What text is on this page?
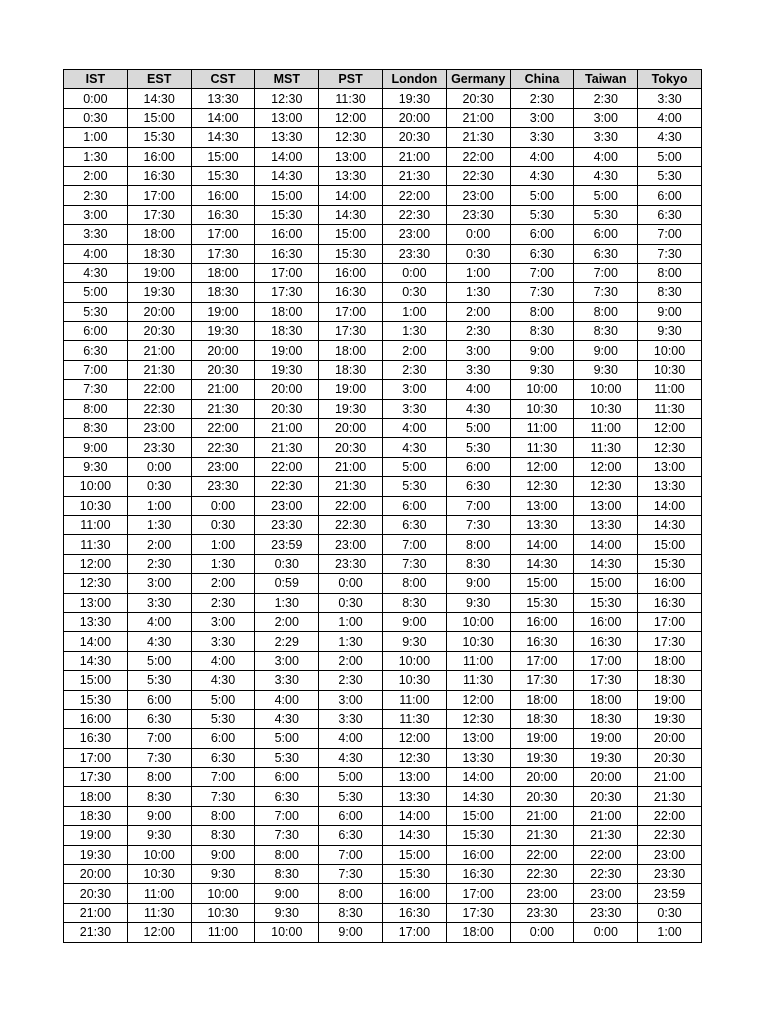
IST	EST	CST	MST	PST	London	Germany	China	Taiwan	Tokyo
0:00	14:30	13:30	12:30	11:30	19:30	20:30	2:30	2:30	3:30
0:30	15:00	14:00	13:00	12:00	20:00	21:00	3:00	3:00	4:00
1:00	15:30	14:30	13:30	12:30	20:30	21:30	3:30	3:30	4:30
1:30	16:00	15:00	14:00	13:00	21:00	22:00	4:00	4:00	5:00
2:00	16:30	15:30	14:30	13:30	21:30	22:30	4:30	4:30	5:30
2:30	17:00	16:00	15:00	14:00	22:00	23:00	5:00	5:00	6:00
3:00	17:30	16:30	15:30	14:30	22:30	23:30	5:30	5:30	6:30
3:30	18:00	17:00	16:00	15:00	23:00	0:00	6:00	6:00	7:00
4:00	18:30	17:30	16:30	15:30	23:30	0:30	6:30	6:30	7:30
4:30	19:00	18:00	17:00	16:00	0:00	1:00	7:00	7:00	8:00
5:00	19:30	18:30	17:30	16:30	0:30	1:30	7:30	7:30	8:30
5:30	20:00	19:00	18:00	17:00	1:00	2:00	8:00	8:00	9:00
6:00	20:30	19:30	18:30	17:30	1:30	2:30	8:30	8:30	9:30
6:30	21:00	20:00	19:00	18:00	2:00	3:00	9:00	9:00	10:00
7:00	21:30	20:30	19:30	18:30	2:30	3:30	9:30	9:30	10:30
7:30	22:00	21:00	20:00	19:00	3:00	4:00	10:00	10:00	11:00
8:00	22:30	21:30	20:30	19:30	3:30	4:30	10:30	10:30	11:30
8:30	23:00	22:00	21:00	20:00	4:00	5:00	11:00	11:00	12:00
9:00	23:30	22:30	21:30	20:30	4:30	5:30	11:30	11:30	12:30
9:30	0:00	23:00	22:00	21:00	5:00	6:00	12:00	12:00	13:00
10:00	0:30	23:30	22:30	21:30	5:30	6:30	12:30	12:30	13:30
10:30	1:00	0:00	23:00	22:00	6:00	7:00	13:00	13:00	14:00
11:00	1:30	0:30	23:30	22:30	6:30	7:30	13:30	13:30	14:30
11:30	2:00	1:00	23:59	23:00	7:00	8:00	14:00	14:00	15:00
12:00	2:30	1:30	0:30	23:30	7:30	8:30	14:30	14:30	15:30
12:30	3:00	2:00	0:59	0:00	8:00	9:00	15:00	15:00	16:00
13:00	3:30	2:30	1:30	0:30	8:30	9:30	15:30	15:30	16:30
13:30	4:00	3:00	2:00	1:00	9:00	10:00	16:00	16:00	17:00
14:00	4:30	3:30	2:29	1:30	9:30	10:30	16:30	16:30	17:30
14:30	5:00	4:00	3:00	2:00	10:00	11:00	17:00	17:00	18:00
15:00	5:30	4:30	3:30	2:30	10:30	11:30	17:30	17:30	18:30
15:30	6:00	5:00	4:00	3:00	11:00	12:00	18:00	18:00	19:00
16:00	6:30	5:30	4:30	3:30	11:30	12:30	18:30	18:30	19:30
16:30	7:00	6:00	5:00	4:00	12:00	13:00	19:00	19:00	20:00
17:00	7:30	6:30	5:30	4:30	12:30	13:30	19:30	19:30	20:30
17:30	8:00	7:00	6:00	5:00	13:00	14:00	20:00	20:00	21:00
18:00	8:30	7:30	6:30	5:30	13:30	14:30	20:30	20:30	21:30
18:30	9:00	8:00	7:00	6:00	14:00	15:00	21:00	21:00	22:00
19:00	9:30	8:30	7:30	6:30	14:30	15:30	21:30	21:30	22:30
19:30	10:00	9:00	8:00	7:00	15:00	16:00	22:00	22:00	23:00
20:00	10:30	9:30	8:30	7:30	15:30	16:30	22:30	22:30	23:30
20:30	11:00	10:00	9:00	8:00	16:00	17:00	23:00	23:00	23:59
21:00	11:30	10:30	9:30	8:30	16:30	17:30	23:30	23:30	0:30
21:30	12:00	11:00	10:00	9:00	17:00	18:00	0:00	0:00	1:00
